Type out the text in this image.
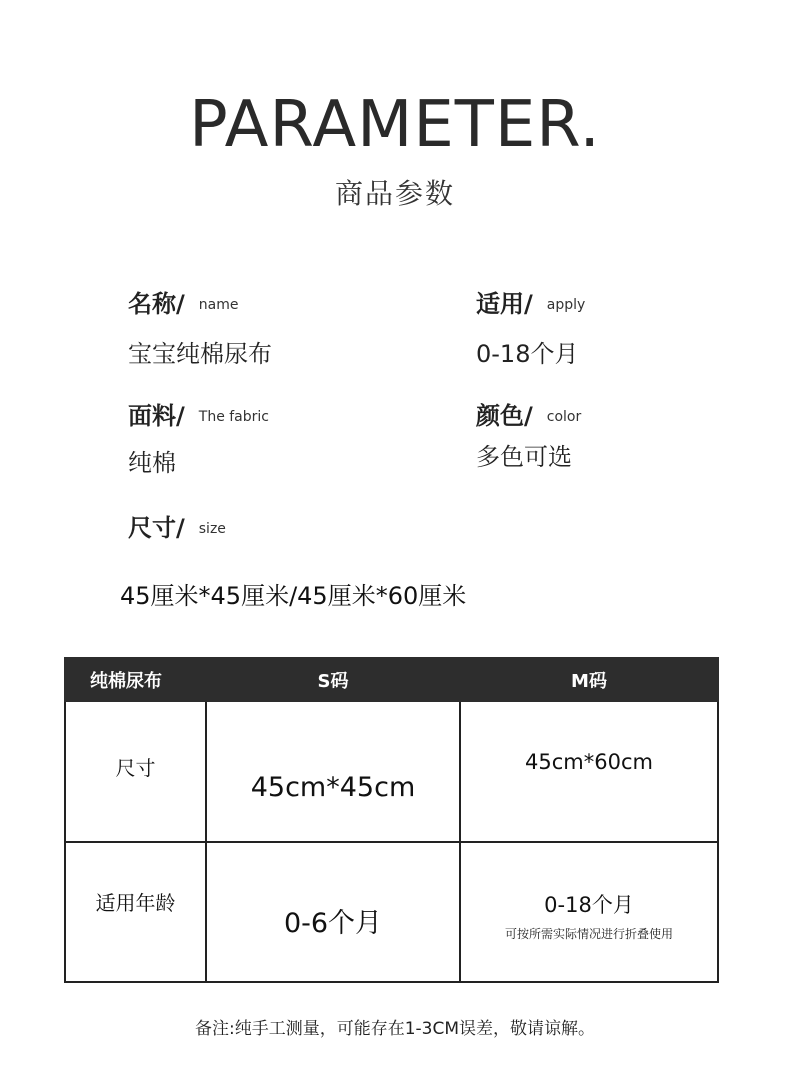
PARAMETER.
商品参数
名称/ name
宝宝纯棉尿布
适用/ apply
0-18个月
面料/ The fabric
纯棉
颜色/ color
多色可选
尺寸/ size
45厘米*45厘米/45厘米*60厘米
纯棉尿布	S码	M码
尺寸	45cm*45cm	45cm*60cm
适用年龄	0-6个月	0-18个月
可按所需实际情况进行折叠使用
备注:纯手工测量，可能存在1-3CM误差，敬请谅解。
